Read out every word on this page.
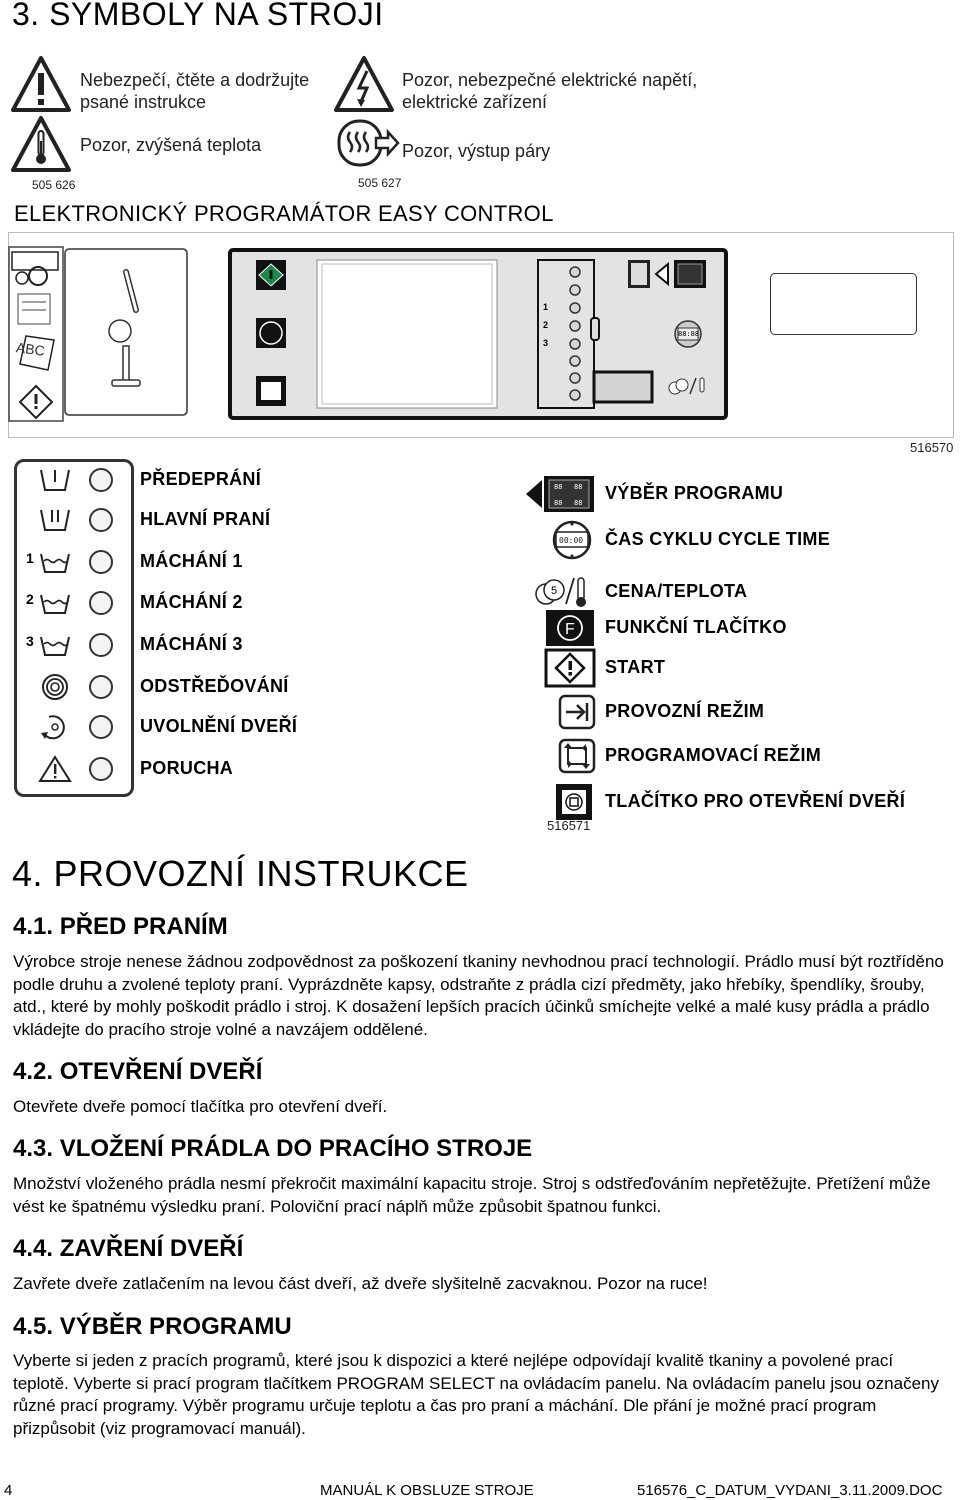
3. SYMBOLY NA STROJI
Nebezpečí, čtěte a dodržujte psané instrukce
Pozor, nebezpečné elektrické napětí, elektrické zařízení
Pozor, zvýšená teplota	Pozor, výstup páry
505 626	505 627
ELEKTRONICKÝ PROGRAMÁTOR EASY CONTROL
ABC
1
2
3
88:88
516570
PŘEDEPRÁNÍ
HLAVNÍ PRANÍ
1	MÁCHÁNÍ 1
2	MÁCHÁNÍ 2
3	MÁCHÁNÍ 3
ODSTŘEĎOVÁNÍ
UVOLNĚNÍ DVEŘÍ
PORUCHA
88 88
88 88 VÝBĚR PROGRAMU
00:00 ČAS CYKLU CYCLE TIME
5	CENA/TEPLOTA
F FUNKČNÍ TLAČÍTKO
START
PROVOZNÍ REŽIM
PROGRAMOVACÍ REŽIM
TLAČÍTKO PRO OTEVŘENÍ DVEŘÍ
516571
4. PROVOZNÍ INSTRUKCE
4.1. PŘED PRANÍM

Výrobce stroje nenese žádnou zodpovědnost za poškození tkaniny nevhodnou prací technologií. Prádlo musí být roztříděno podle druhu a zvolené teploty praní. Vyprázdněte kapsy, odstraňte z prádla cizí předměty, jako hřebíky, špendlíky, šrouby, atd., které by mohly poškodit prádlo i stroj. K dosažení lepších pracích účinků smíchejte velké a malé kusy prádla a prádlo vkládejte do pracího stroje volné a navzájem oddělené.

4.2. OTEVŘENÍ DVEŘÍ

Otevřete dveře pomocí tlačítka pro otevření dveří.

4.3. VLOŽENÍ PRÁDLA DO PRACÍHO STROJE

Množství vloženého prádla nesmí překročit maximální kapacitu stroje. Stroj s odstřeďováním nepřetěžujte. Přetížení může vést ke špatnému výsledku praní. Poloviční prací náplň může způsobit špatnou funkci.

4.4. ZAVŘENÍ DVEŘÍ

Zavřete dveře zatlačením na levou část dveří, až dveře slyšitelně zacvaknou. Pozor na ruce!

4.5. VÝBĚR PROGRAMU

Vyberte si jeden z pracích programů, které jsou k dispozici a které nejlépe odpovídají kvalitě tkaniny a povolené prací teplotě. Vyberte si prací program tlačítkem PROGRAM SELECT na ovládacím panelu. Na ovládacím panelu jsou označeny různé prací programy. Výběr programu určuje teplotu a čas pro praní a máchání. Dle přání je možné prací program přizpůsobit (viz programovací manuál).

4	MANUÁL K OBSLUZE STROJE	516576_C_DATUM_VYDANI_3.11.2009.DOC
